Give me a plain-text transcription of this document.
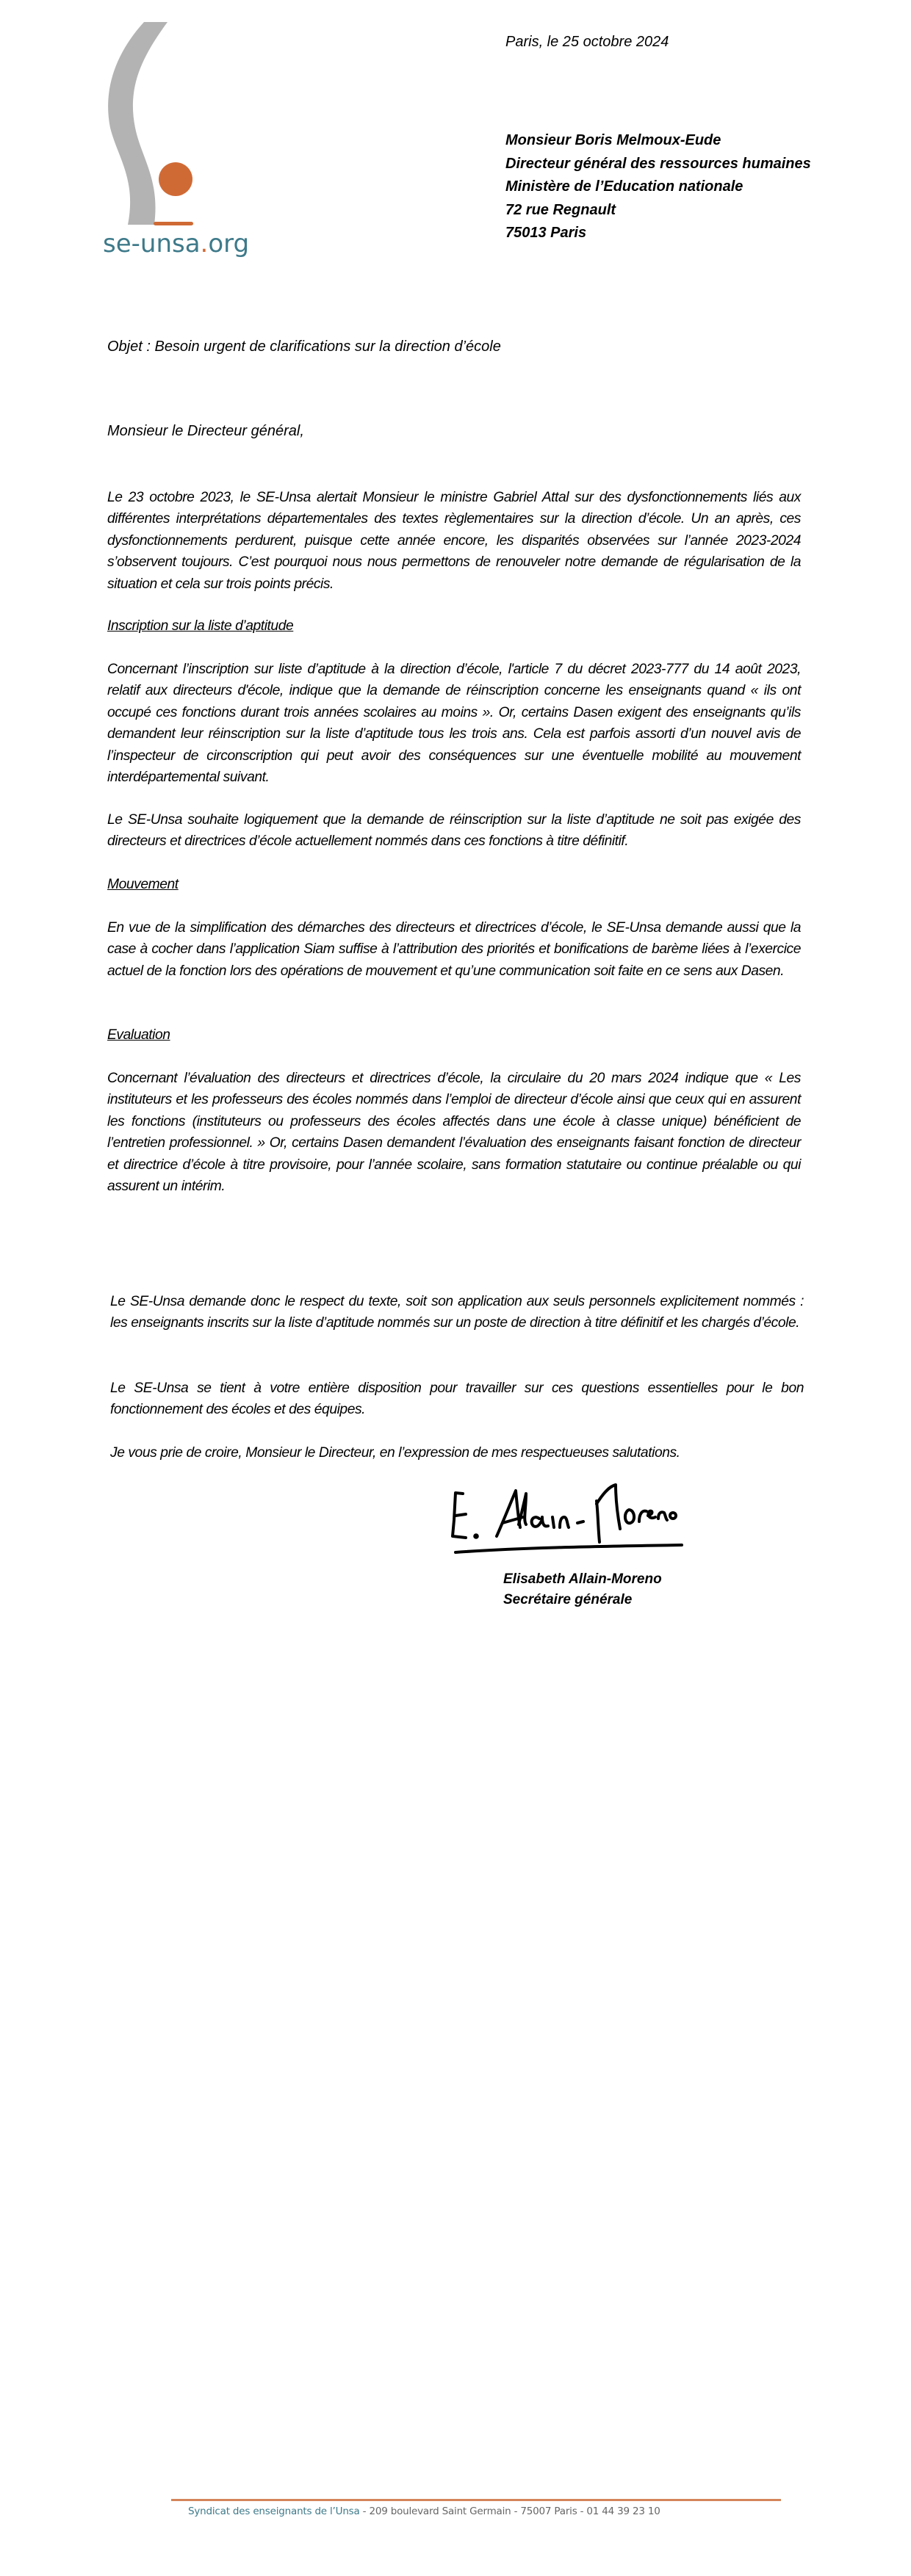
se-unsa.org
Paris, le 25 octobre 2024
Monsieur Boris Melmoux-Eude
Directeur général des ressources humaines
Ministère de l’Education nationale
72 rue Regnault
75013 Paris
Objet : Besoin urgent de clarifications sur la direction d’école
Monsieur le Directeur général,
Le 23 octobre 2023, le SE-Unsa alertait Monsieur le ministre Gabriel Attal sur des dysfonctionnements liés aux différentes interprétations départementales des textes règlementaires sur la direction d’école. Un an après, ces dysfonctionnements perdurent, puisque cette année encore, les disparités observées sur l’année 2023-2024 s’observent toujours. C’est pourquoi nous nous permettons de renouveler notre demande de régularisation de la situation et cela sur trois points précis.
Inscription sur la liste d’aptitude
Concernant l’inscription sur liste d’aptitude à la direction d’école, l'article 7 du décret 2023-777 du 14 août 2023, relatif aux directeurs d'école, indique que la demande de réinscription concerne les enseignants quand « ils ont occupé ces fonctions durant trois années scolaires au moins ». Or, certains Dasen exigent des enseignants qu’ils demandent leur réinscription sur la liste d’aptitude tous les trois ans. Cela est parfois assorti d’un nouvel avis de l’inspecteur de circonscription qui peut avoir des conséquences sur une éventuelle mobilité au mouvement interdépartemental suivant.
Le SE-Unsa souhaite logiquement que la demande de réinscription sur la liste d’aptitude ne soit pas exigée des directeurs et directrices d’école actuellement nommés dans ces fonctions à titre définitif.
Mouvement
En vue de la simplification des démarches des directeurs et directrices d’école, le SE-Unsa demande aussi que la case à cocher dans l’application Siam suffise à l’attribution des priorités et bonifications de barème liées à l’exercice actuel de la fonction lors des opérations de mouvement et qu’une communication soit faite en ce sens aux Dasen.
Evaluation
Concernant l’évaluation des directeurs et directrices d’école, la circulaire du 20 mars 2024 indique que « Les instituteurs et les professeurs des écoles nommés dans l’emploi de directeur d’école ainsi que ceux qui en assurent les fonctions (instituteurs ou professeurs des écoles affectés dans une école à classe unique) bénéficient de l’entretien professionnel. » Or, certains Dasen demandent l’évaluation des enseignants faisant fonction de directeur et directrice d’école à titre provisoire, pour l’année scolaire, sans formation statutaire ou continue préalable ou qui assurent un intérim.
Le SE-Unsa demande donc le respect du texte, soit son application aux seuls personnels explicitement nommés : les enseignants inscrits sur la liste d’aptitude nommés sur un poste de direction à titre définitif et les chargés d’école.
Le SE-Unsa se tient à votre entière disposition pour travailler sur ces questions essentielles pour le bon fonctionnement des écoles et des équipes.
Je vous prie de croire, Monsieur le Directeur, en l’expression de mes respectueuses salutations.
Elisabeth Allain-Moreno
Secrétaire générale
Syndicat des enseignants de l’Unsa - 209 boulevard Saint Germain - 75007 Paris - 01 44 39 23 10
